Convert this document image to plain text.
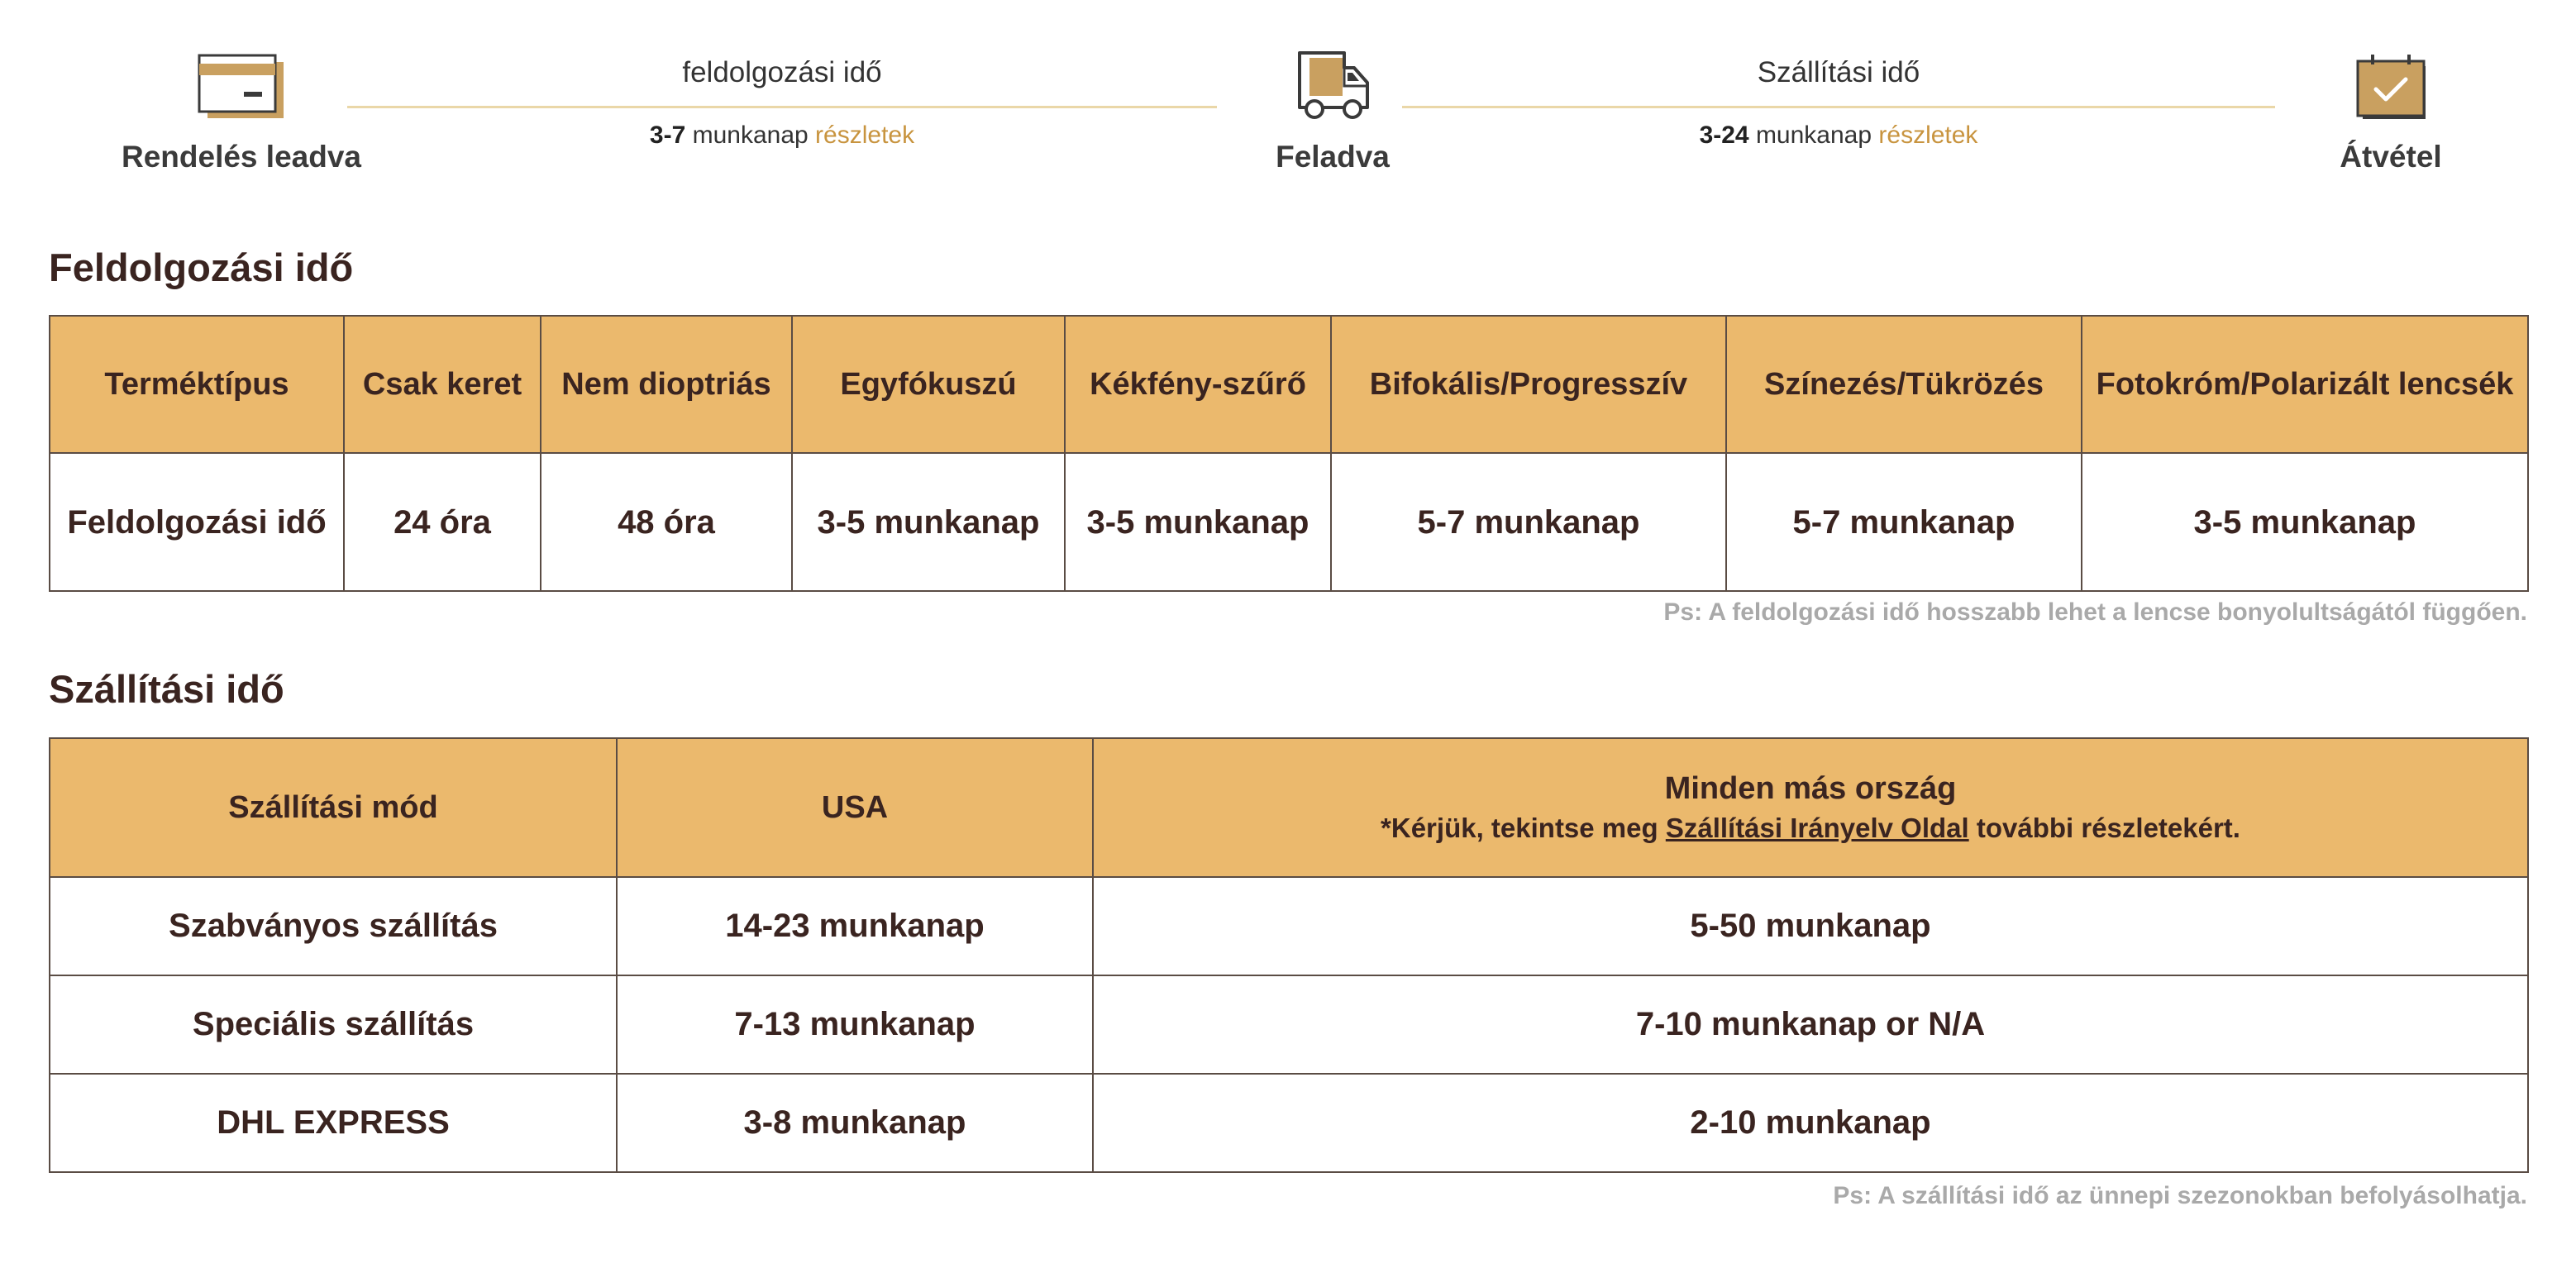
Rendelés leadva
feldolgozási idő
3-7 munkanap részletek
Feladva
Szállítási idő
3-24 munkanap részletek
Átvétel
Feldolgozási idő
Terméktípus	Csak keret	Nem dioptriás	Egyfókuszú	Kékfény-szűrő	Bifokális/Progresszív	Színezés/Tükrözés	Fotokróm/Polarizált lencsék
Feldolgozási idő	24 óra	48 óra	3-5 munkanap	3-5 munkanap	5-7 munkanap	5-7 munkanap	3-5 munkanap
Ps: A feldolgozási idő hosszabb lehet a lencse bonyolultságától függően.
Szállítási idő
Szállítási mód	USA	Minden más ország
*Kérjük, tekintse meg Szállítási Irányelv Oldal további részletekért.

Szabványos szállítás	14-23 munkanap	5-50 munkanap
Speciális szállítás	7-13 munkanap	7-10 munkanap or N/A
DHL EXPRESS	3-8 munkanap	2-10 munkanap
Ps: A szállítási idő az ünnepi szezonokban befolyásolhatja.
